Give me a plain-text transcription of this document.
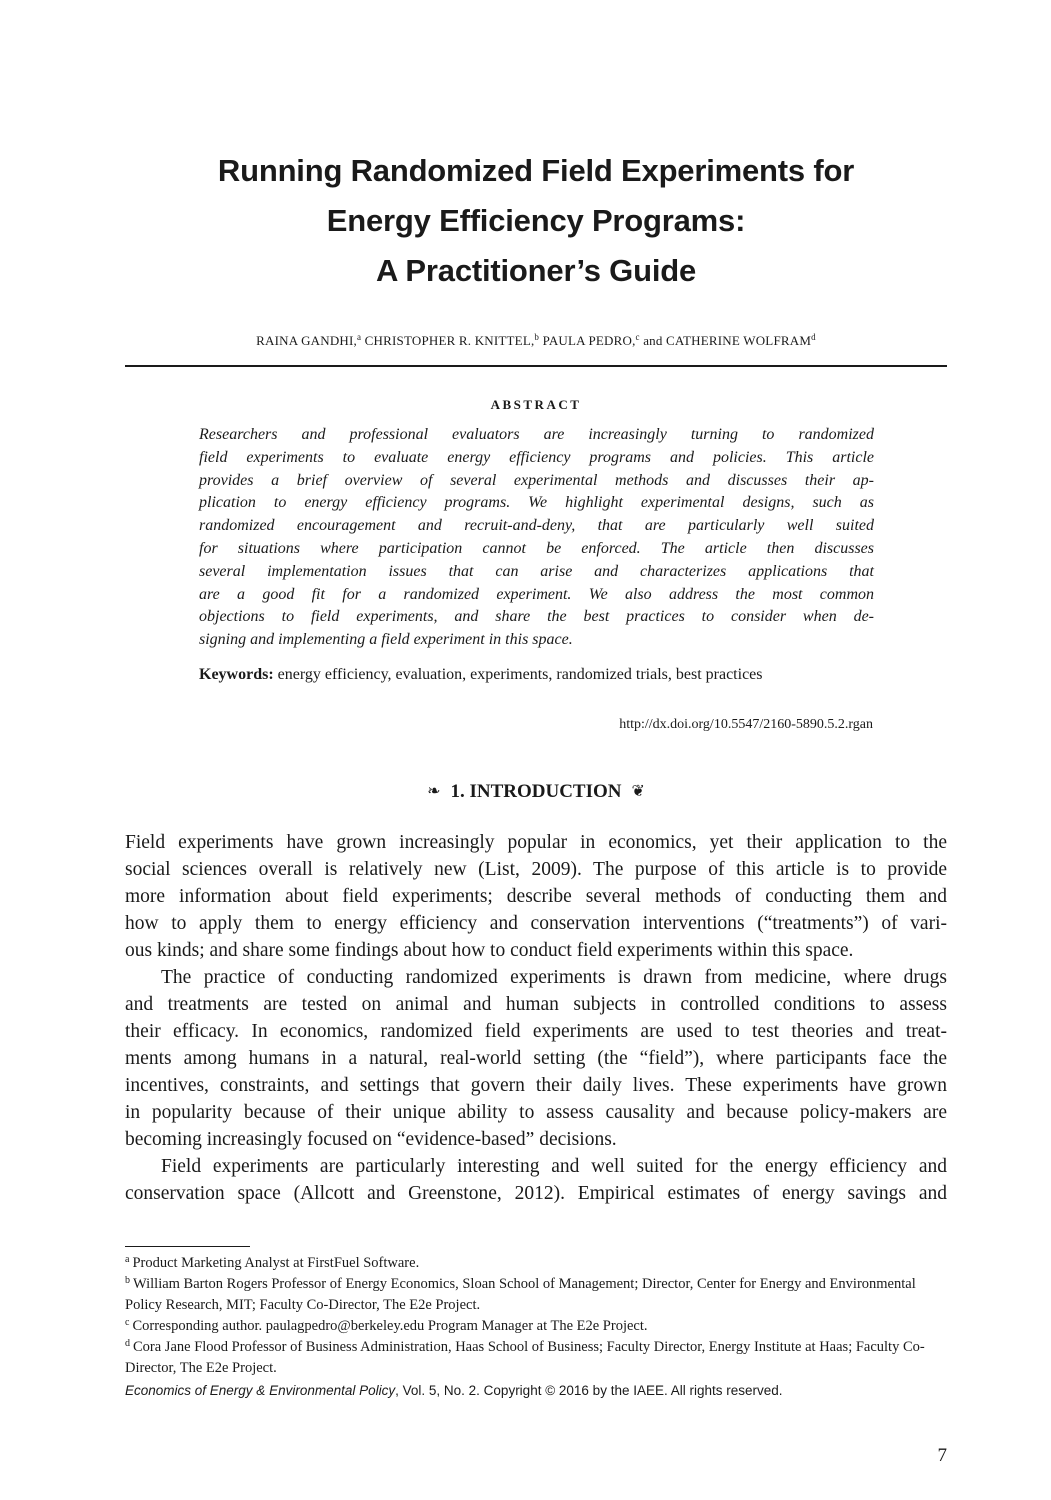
Running Randomized Field Experiments for
Energy Efficiency Programs:
A Practitioner’s Guide
RAINA GANDHI,$^a$ CHRISTOPHER R. KNITTEL,$^b$ PAULA PEDRO,$^c$ and CATHERINE WOLFRAM$^d$
ABSTRACT
Researchers and professional evaluators are increasingly turning to randomized
field experiments to evaluate energy efficiency programs and policies. This article
provides a brief overview of several experimental methods and discusses their ap-
plication to energy efficiency programs. We highlight experimental designs, such as
randomized encouragement and recruit-and-deny, that are particularly well suited
for situations where participation cannot be enforced. The article then discusses
several implementation issues that can arise and characterizes applications that
are a good fit for a randomized experiment. We also address the most common
objections to field experiments, and share the best practices to consider when de-
signing and implementing a field experiment in this space.
Keywords: energy efficiency, evaluation, experiments, randomized trials, best practices
http://dx.doi.org/10.5547/2160-5890.5.2.rgan
❧ 1. INTRODUCTION ❦
Field experiments have grown increasingly popular in economics, yet their application to the
social sciences overall is relatively new (List, 2009). The purpose of this article is to provide
more information about field experiments; describe several methods of conducting them and
how to apply them to energy efficiency and conservation interventions (“treatments”) of vari-
ous kinds; and share some findings about how to conduct field experiments within this space.
The practice of conducting randomized experiments is drawn from medicine, where drugs
and treatments are tested on animal and human subjects in controlled conditions to assess
their efficacy. In economics, randomized field experiments are used to test theories and treat-
ments among humans in a natural, real-world setting (the “field”), where participants face the
incentives, constraints, and settings that govern their daily lives. These experiments have grown
in popularity because of their unique ability to assess causality and because policy-makers are
becoming increasingly focused on “evidence-based” decisions.
Field experiments are particularly interesting and well suited for the energy efficiency and
conservation space (Allcott and Greenstone, 2012). Empirical estimates of energy savings and
$^a$ Product Marketing Analyst at FirstFuel Software.
$^b$ William Barton Rogers Professor of Energy Economics, Sloan School of Management; Director, Center for Energy and Environmental Policy Research, MIT; Faculty Co-Director, The E2e Project.
$^c$ Corresponding author. paulagpedro@berkeley.edu Program Manager at The E2e Project.
$^d$ Cora Jane Flood Professor of Business Administration, Haas School of Business; Faculty Director, Energy Institute at Haas; Faculty Co-Director, The E2e Project.
Economics of Energy & Environmental Policy, Vol. 5, No. 2. Copyright © 2016 by the IAEE. All rights reserved.
7
